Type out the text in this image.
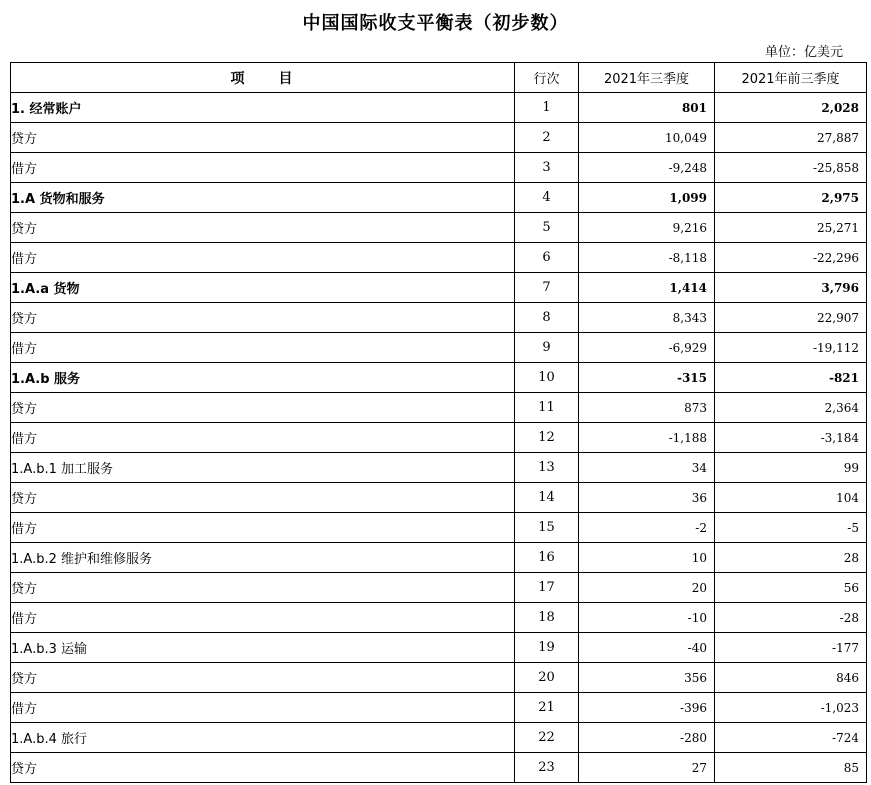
中国国际收支平衡表（初步数）
单位：亿美元
项　　目	行次	2021年三季度	2021年前三季度
1. 经常账户	1	801	2,028
贷方	2	10,049	27,887
借方	3	-9,248	-25,858
1.A 货物和服务	4	1,099	2,975
贷方	5	9,216	25,271
借方	6	-8,118	-22,296
1.A.a 货物	7	1,414	3,796
贷方	8	8,343	22,907
借方	9	-6,929	-19,112
1.A.b 服务	10	-315	-821
贷方	11	873	2,364
借方	12	-1,188	-3,184
1.A.b.1 加工服务	13	34	99
贷方	14	36	104
借方	15	-2	-5
1.A.b.2 维护和维修服务	16	10	28
贷方	17	20	56
借方	18	-10	-28
1.A.b.3 运输	19	-40	-177
贷方	20	356	846
借方	21	-396	-1,023
1.A.b.4 旅行	22	-280	-724
贷方	23	27	85
